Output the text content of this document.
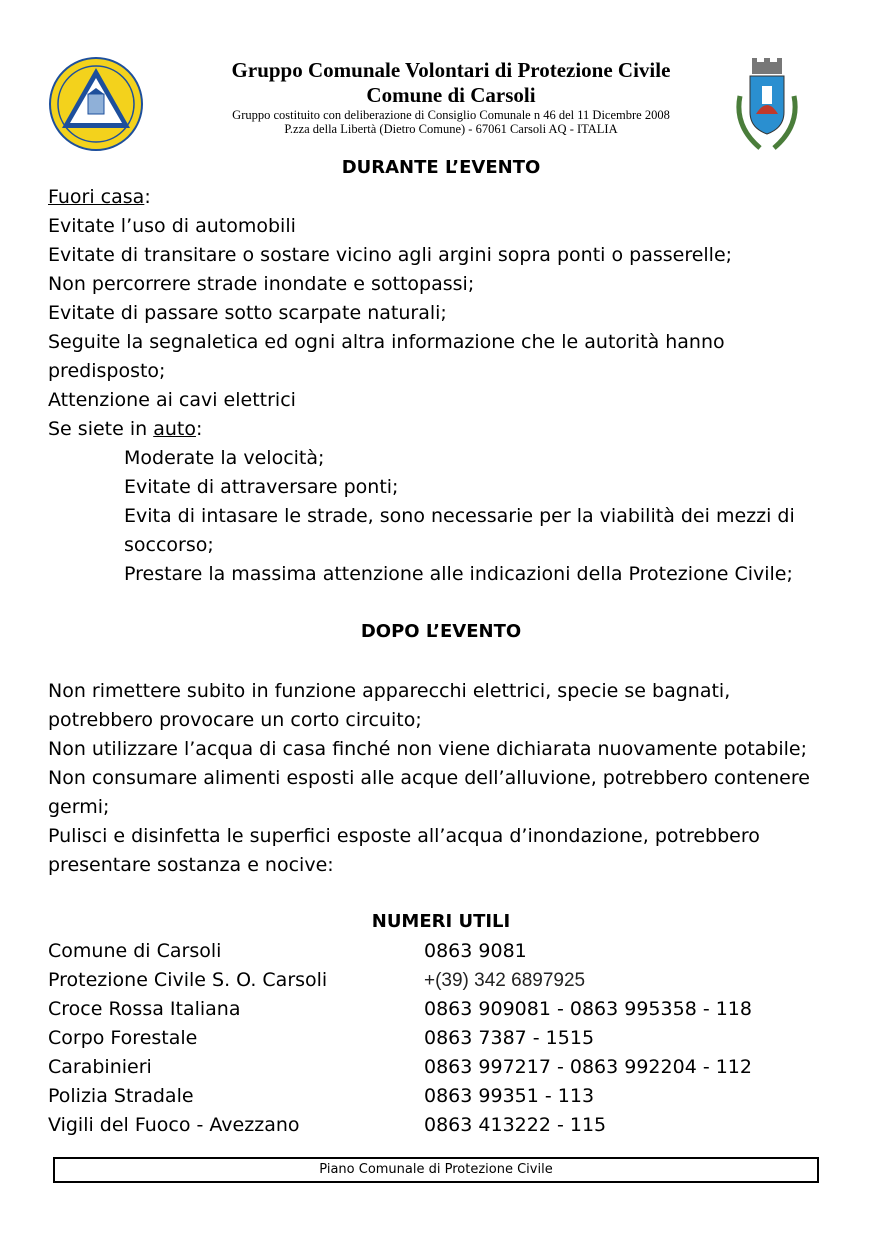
Gruppo Comunale Volontari di Protezione Civile
Comune di Carsoli
Gruppo costituito con deliberazione di Consiglio Comunale n 46 del 11 Dicembre 2008
P.zza della Libertà (Dietro Comune) - 67061 Carsoli AQ - ITALIA
DURANTE L’EVENTO
Fuori casa:
Evitate l’uso di automobili
Evitate di transitare o sostare vicino agli argini sopra ponti o passerelle;
Non percorrere strade inondate e sottopassi;
Evitate di passare sotto scarpate naturali;
Seguite la segnaletica ed ogni altra informazione che le autorità hanno
predisposto;
Attenzione ai cavi elettrici
Se siete in auto:
Moderate la velocità;
Evitate di attraversare ponti;
Evita di intasare le strade, sono necessarie per la viabilità dei mezzi di
soccorso;
Prestare la massima attenzione alle indicazioni della Protezione Civile;
DOPO L’EVENTO
Non rimettere subito in funzione apparecchi elettrici, specie se bagnati,
potrebbero provocare un corto circuito;
Non utilizzare l’acqua di casa finché non viene dichiarata nuovamente potabile;
Non consumare alimenti esposti alle acque dell’alluvione, potrebbero contenere
germi;
Pulisci e disinfetta le superfici esposte all’acqua d’inondazione, potrebbero
presentare sostanza e nocive:
NUMERI UTILI
Comune di Carsoli	0863 9081
Protezione Civile S. O. Carsoli	+(39) 342 6897925
Croce Rossa Italiana	0863 909081 - 0863 995358 - 118
Corpo Forestale	0863 7387 - 1515
Carabinieri	0863 997217 - 0863 992204 - 112
Polizia Stradale	0863 99351 - 113
Vigili del Fuoco - Avezzano	0863 413222 - 115
Piano Comunale di Protezione Civile
